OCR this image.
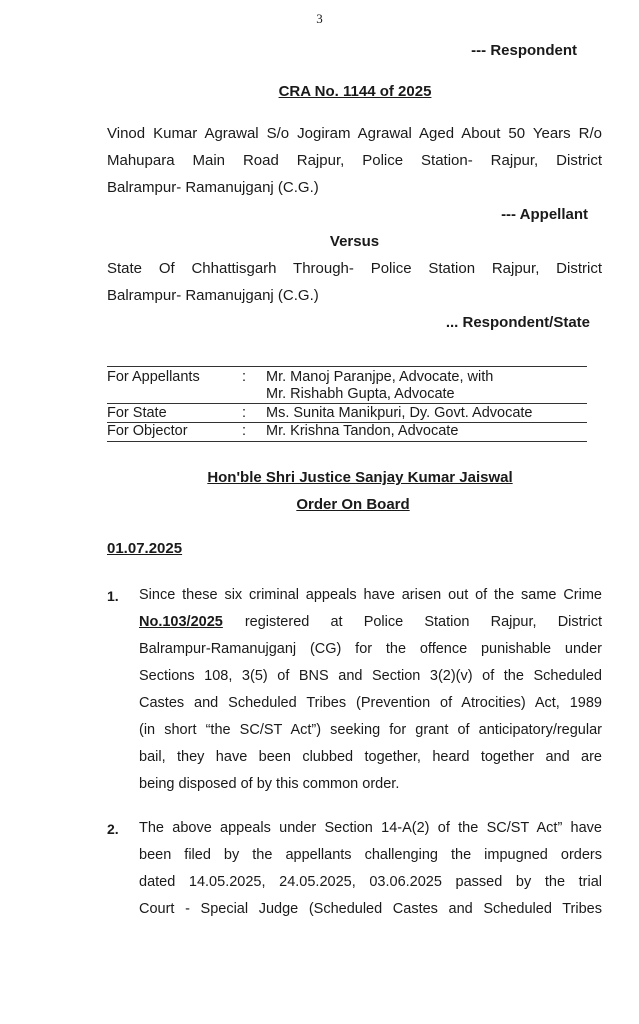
3
--- Respondent
CRA No. 1144 of 2025
Vinod Kumar Agrawal S/o Jogiram Agrawal Aged About 50 Years R/o
Mahupara Main Road Rajpur, Police Station- Rajpur, District
Balrampur- Ramanujganj (C.G.)
--- Appellant
Versus
State Of Chhattisgarh Through- Police Station Rajpur, District
Balrampur- Ramanujganj (C.G.)
... Respondent/State
For Appellants	: Mr. Manoj Paranjpe, Advocate, with
Mr. Rishabh Gupta, Advocate
For State	: Ms. Sunita Manikpuri, Dy. Govt. Advocate
For Objector	: Mr. Krishna Tandon, Advocate
Hon'ble Shri Justice Sanjay Kumar Jaiswal
Order On Board
01.07.2025
1. Since these six criminal appeals have arisen out of the same Crime
No.103/2025 registered at Police Station Rajpur, District
Balrampur-Ramanujganj (CG) for the offence punishable under
Sections 108, 3(5) of BNS and Section 3(2)(v) of the Scheduled
Castes and Scheduled Tribes (Prevention of Atrocities) Act, 1989
(in short “the SC/ST Act”) seeking for grant of anticipatory/regular
bail, they have been clubbed together, heard together and are
being disposed of by this common order.
2. The above appeals under Section 14-A(2) of the SC/ST Act” have
been filed by the appellants challenging the impugned orders
dated 14.05.2025, 24.05.2025, 03.06.2025 passed by the trial
Court - Special Judge (Scheduled Castes and Scheduled Tribes
